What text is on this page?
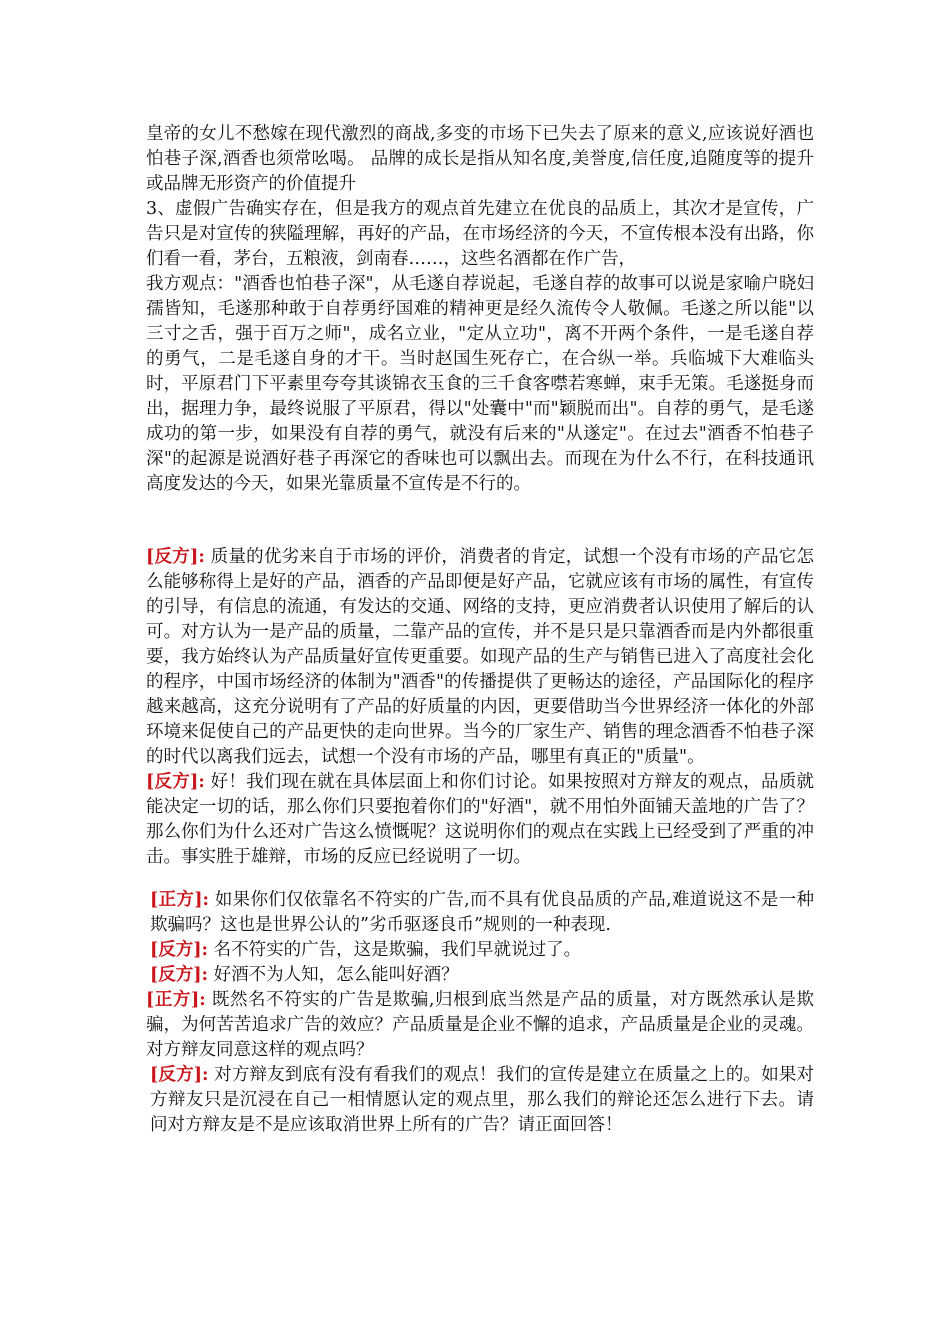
皇帝的女儿不愁嫁在现代激烈的商战,多变的市场下已失去了原来的意义,应该说好酒也怕巷子深,酒香也须常吆喝。 品牌的成长是指从知名度,美誉度,信任度,追随度等的提升或品牌无形资产的价值提升

3、虚假广告确实存在，但是我方的观点首先建立在优良的品质上，其次才是宣传，广告只是对宣传的狭隘理解，再好的产品，在市场经济的今天，不宣传根本没有出路，你们看一看，茅台，五粮液，剑南春……，这些名酒都在作广告，

我方观点："酒香也怕巷子深"，从毛遂自荐说起，毛遂自荐的故事可以说是家喻户晓妇孺皆知，毛遂那种敢于自荐勇纾国难的精神更是经久流传令人敬佩。毛遂之所以能"以三寸之舌，强于百万之师"，成名立业，"定从立功"，离不开两个条件，一是毛遂自荐的勇气，二是毛遂自身的才干。当时赵国生死存亡，在合纵一举。兵临城下大难临头时，平原君门下平素里夸夸其谈锦衣玉食的三千食客噤若寒蝉，束手无策。毛遂挺身而出，据理力争，最终说服了平原君，得以"处囊中"而"颖脱而出"。自荐的勇气，是毛遂成功的第一步，如果没有自荐的勇气，就没有后来的"从遂定"。在过去"酒香不怕巷子深"的起源是说酒好巷子再深它的香味也可以飘出去。而现在为什么不行，在科技通讯高度发达的今天，如果光靠质量不宣传是不行的。

[反方]: 质量的优劣来自于市场的评价，消费者的肯定，试想一个没有市场的产品它怎么能够称得上是好的产品，酒香的产品即便是好产品，它就应该有市场的属性，有宣传的引导，有信息的流通，有发达的交通、网络的支持，更应消费者认识使用了解后的认可。对方认为一是产品的质量，二靠产品的宣传，并不是只是只靠酒香而是内外都很重要，我方始终认为产品质量好宣传更重要。如现产品的生产与销售已进入了高度社会化的程序，中国市场经济的体制为"酒香"的传播提供了更畅达的途径，产品国际化的程序越来越高，这充分说明有了产品的好质量的内因，更要借助当今世界经济一体化的外部环境来促使自己的产品更快的走向世界。当今的厂家生产、销售的理念酒香不怕巷子深的时代以离我们远去，试想一个没有市场的产品，哪里有真正的"质量"。

[反方]: 好！我们现在就在具体层面上和你们讨论。如果按照对方辩友的观点，品质就能决定一切的话，那么你们只要抱着你们的"好酒"，就不用怕外面铺天盖地的广告了？那么你们为什么还对广告这么愤慨呢？这说明你们的观点在实践上已经受到了严重的冲击。事实胜于雄辩，市场的反应已经说明了一切。

[正方]: 如果你们仅依靠名不符实的广告,而不具有优良品质的产品,难道说这不是一种欺骗吗？这也是世界公认的”劣币驱逐良币”规则的一种表现.

[反方]: 名不符实的广告，这是欺骗，我们早就说过了。

[反方]: 好酒不为人知，怎么能叫好酒？

[正方]: 既然名不符实的广告是欺骗,归根到底当然是产品的质量，对方既然承认是欺骗，为何苦苦追求广告的效应？产品质量是企业不懈的追求，产品质量是企业的灵魂。对方辩友同意这样的观点吗？

[反方]: 对方辩友到底有没有看我们的观点！我们的宣传是建立在质量之上的。如果对方辩友只是沉浸在自己一相情愿认定的观点里，那么我们的辩论还怎么进行下去。请问对方辩友是不是应该取消世界上所有的广告？请正面回答！
